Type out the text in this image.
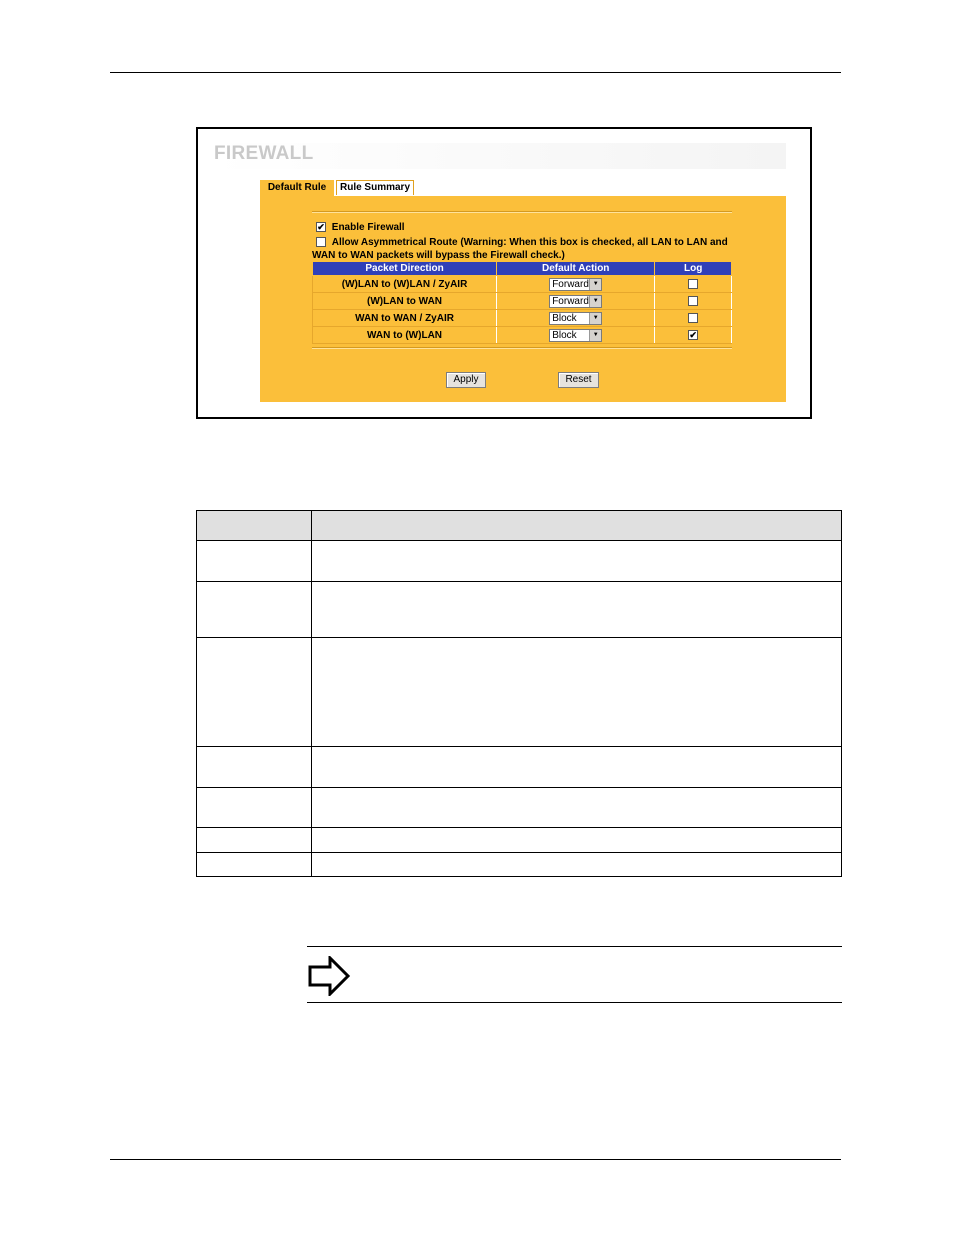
FIREWALL
Default Rule	Rule Summary
✔ Enable Firewall
Allow Asymmetrical Route (Warning: When this box is checked, all LAN to LAN and
WAN to WAN packets will bypass the Firewall check.)
Packet Direction	Default Action	Log
(W)LAN to (W)LAN / ZyAIR	Forward ▼	

(W)LAN to WAN	Forward ▼	

WAN to WAN / ZyAIR	Block ▼	

WAN to (W)LAN	Block ▼	✔
Apply	Reset
